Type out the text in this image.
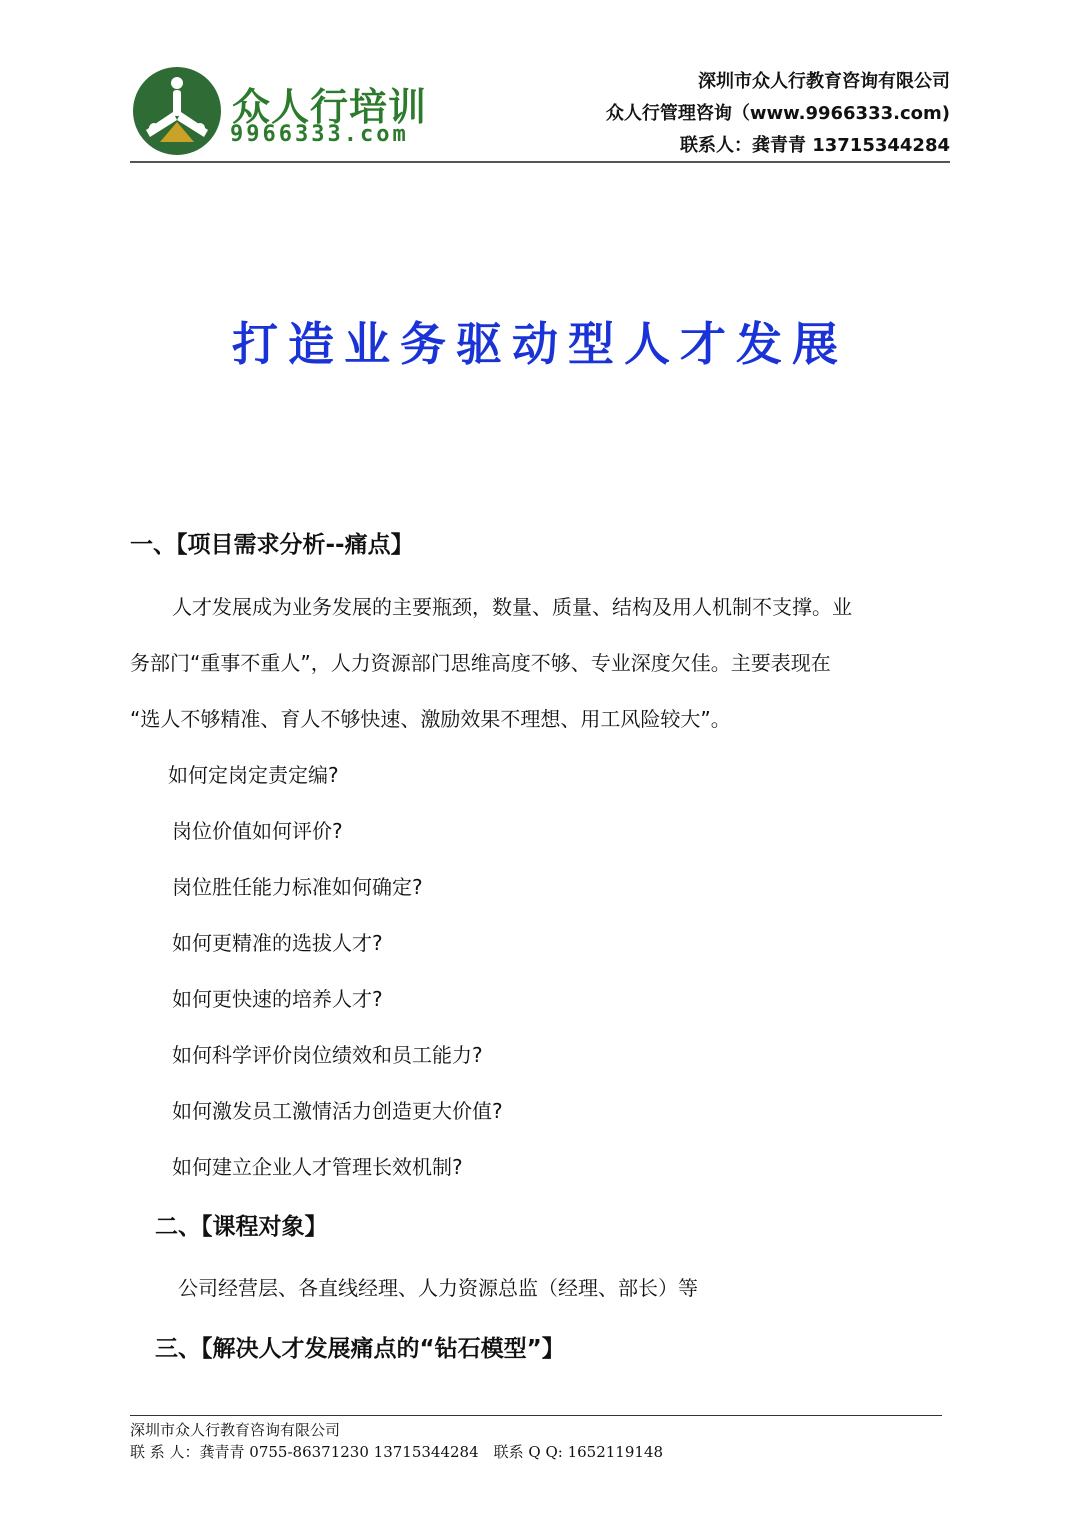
众人行培训
9966333.com
深圳市众人行教育咨询有限公司
众人行管理咨询（www.9966333.com)
联系人：龚青青 13715344284
打造业务驱动型人才发展
一、【项目需求分析--痛点】
人才发展成为业务发展的主要瓶颈，数量、质量、结构及用人机制不支撑。业
务部门“重事不重人”，人力资源部门思维高度不够、专业深度欠佳。主要表现在
“选人不够精准、育人不够快速、激励效果不理想、用工风险较大”。
如何定岗定责定编?
岗位价值如何评价?
岗位胜任能力标准如何确定?
如何更精准的选拔人才?
如何更快速的培养人才?
如何科学评价岗位绩效和员工能力?
如何激发员工激情活力创造更大价值?
如何建立企业人才管理长效机制?
二、【课程对象】
公司经营层、各直线经理、人力资源总监（经理、部长）等
三、【解决人才发展痛点的“钻石模型”】
深圳市众人行教育咨询有限公司
联 系 人：龚青青 0755-86371230 13715344284　联系 Q Q: 1652119148
